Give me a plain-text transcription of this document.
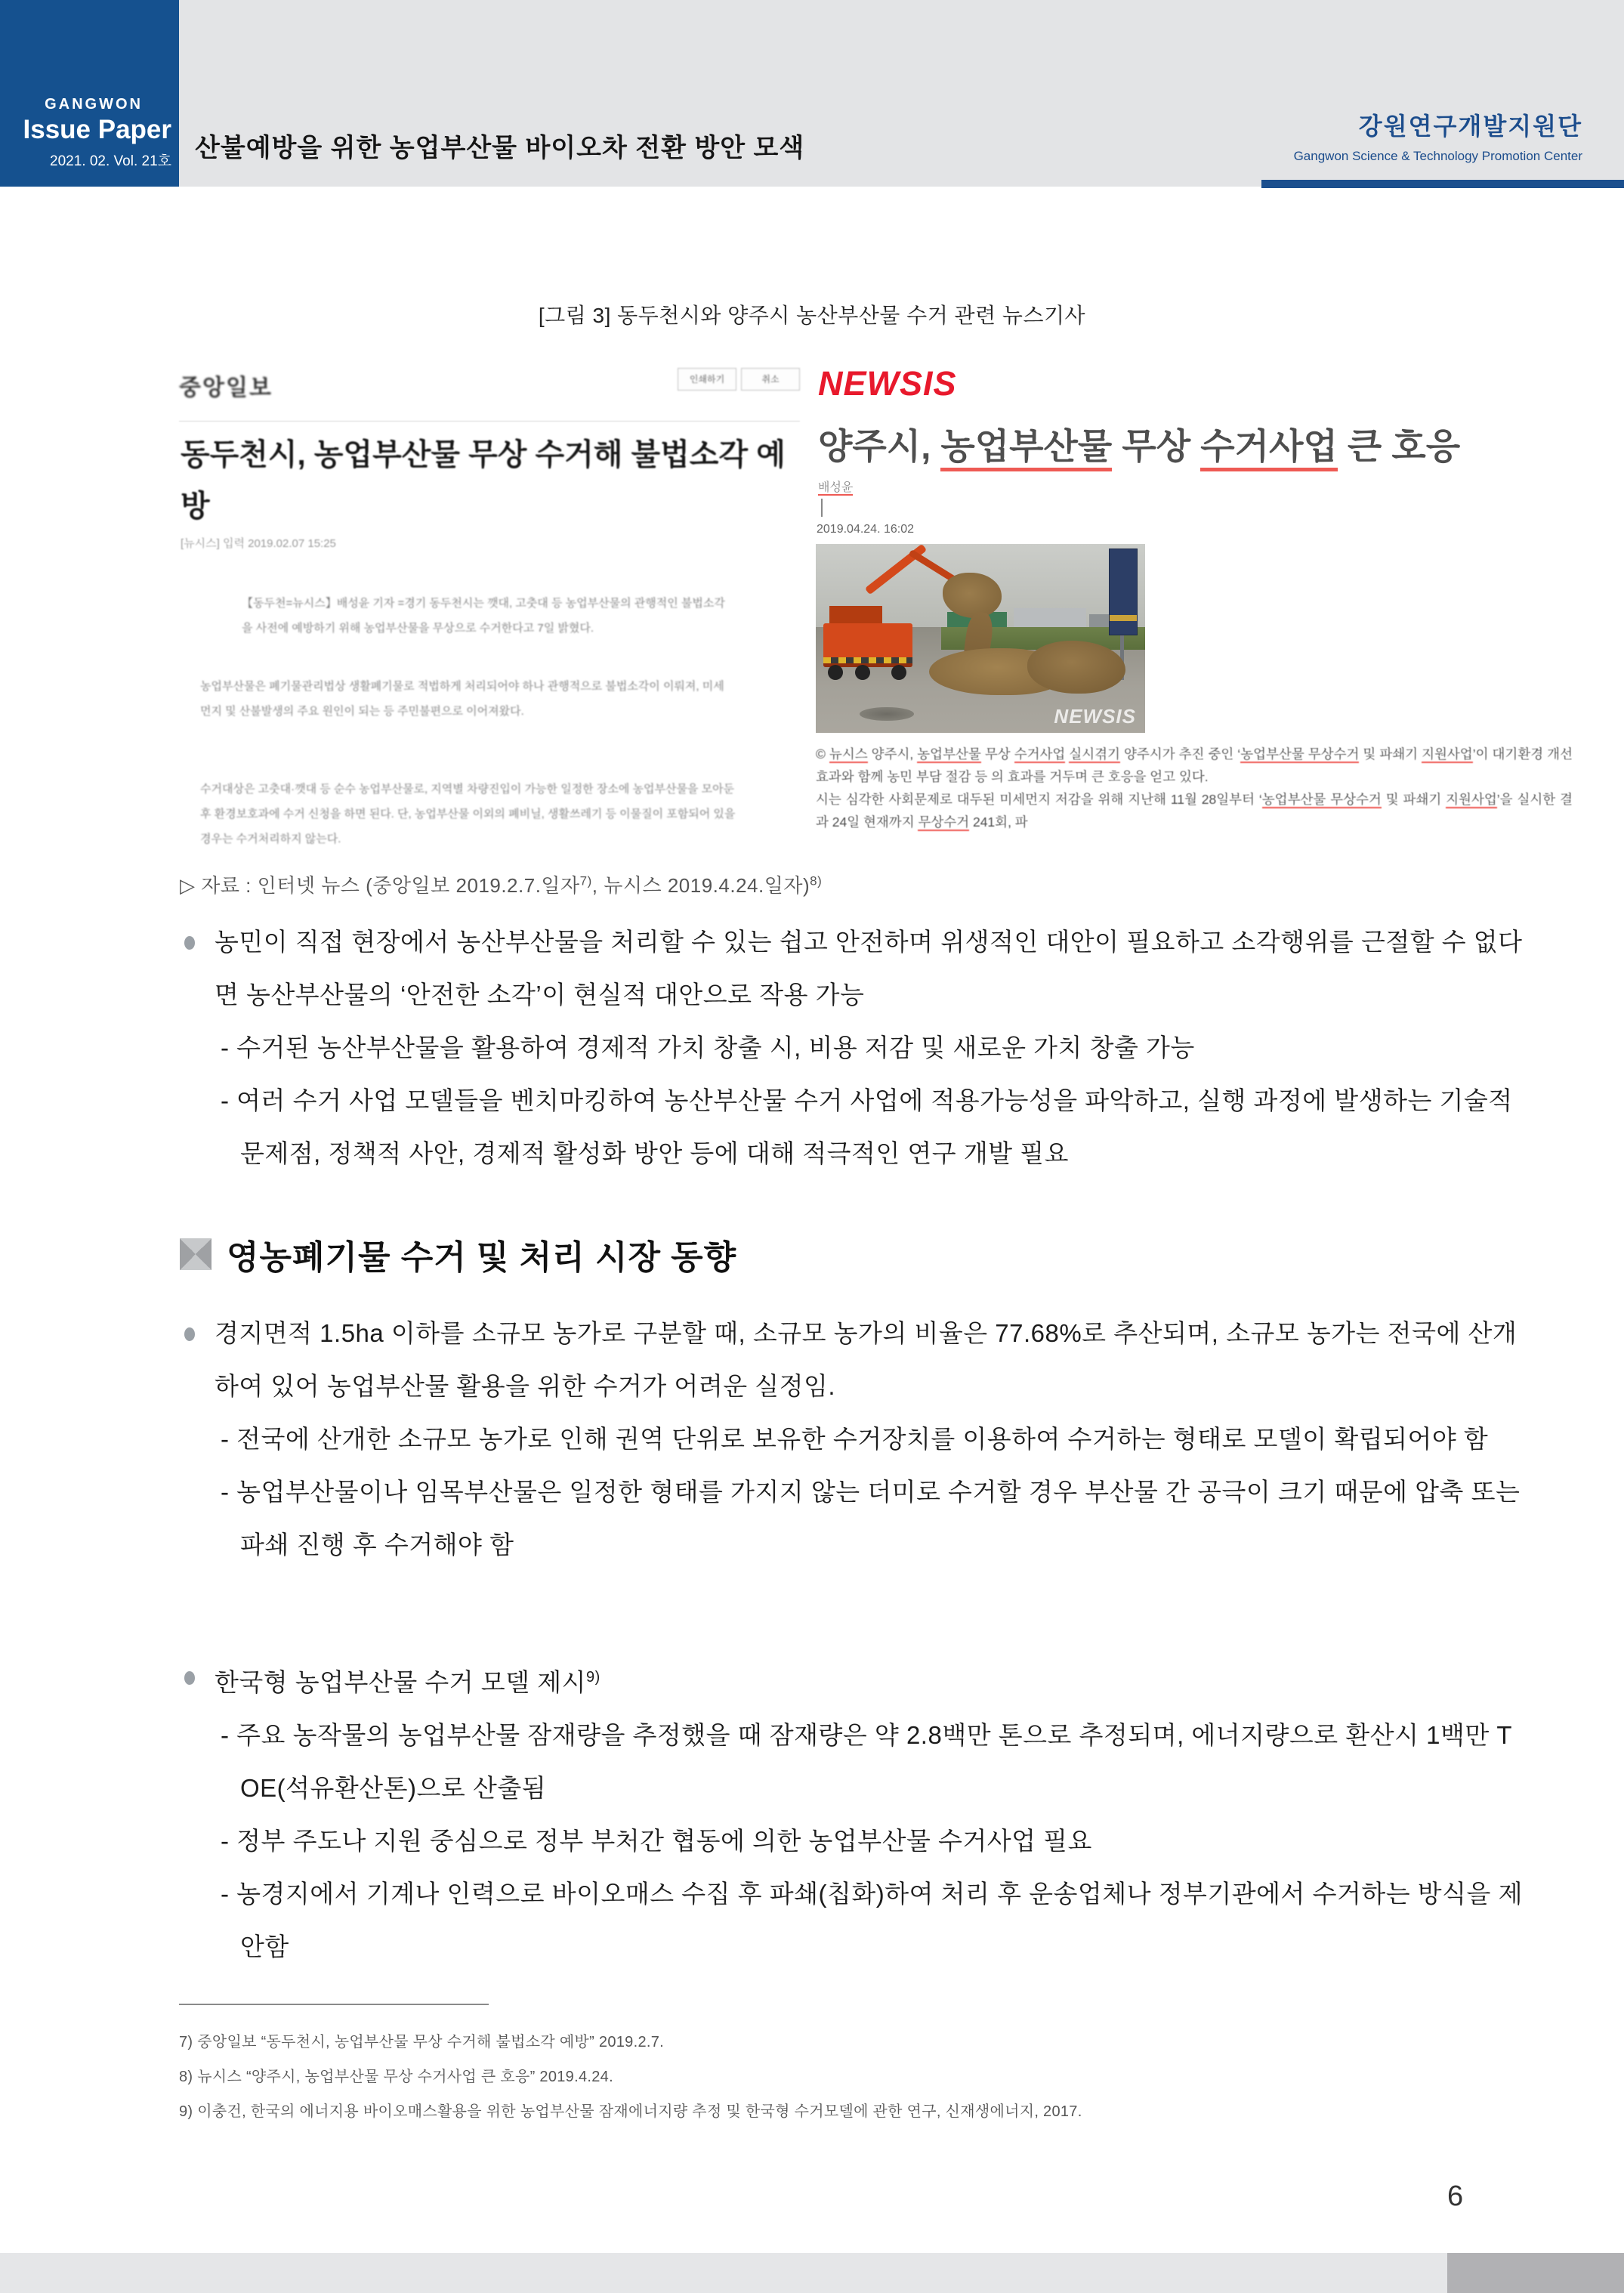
GANGWON
Issue Paper
2021. 02. Vol. 21호 산불예방을 위한 농업부산물 바이오차 전환 방안 모색
강원연구개발지원단
Gangwon Science & Technology Promotion Center
[그림 3] 동두천시와 양주시 농산부산물 수거 관련 뉴스기사
중앙일보	인쇄하기	취소
동두천시, 농업부산물 무상 수거해 불법소각 예방
[뉴시스] 입력 2019.02.07 15:25
【동두천=뉴시스】배성윤 기자 =경기 동두천시는 깻대, 고춧대 등 농업부산물의 관행적인 불법소각을 사전에 예방하기 위해 농업부산물을 무상으로 수거한다고 7일 밝혔다.
농업부산물은 폐기물관리법상 생활폐기물로 적법하게 처리되어야 하나 관행적으로 불법소각이 이뤄져, 미세먼지 및 산불발생의 주요 원인이 되는 등 주민불편으로 이어져왔다.
수거대상은 고춧대·깻대 등 순수 농업부산물로, 지역별 차량진입이 가능한 일정한 장소에 농업부산물을 모아둔 후 환경보호과에 수거 신청을 하면 된다. 단, 농업부산물 이외의 폐비닐, 생활쓰레기 등 이물질이 포함되어 있을 경우는 수거처리하지 않는다.
NEWSIS
양주시, 농업부산물 무상 수거사업 큰 호응
배성윤
2019.04.24. 16:02
NEWSIS
© 뉴시스 양주시, 농업부산물 무상 수거사업 실시겪기 양주시가 추진 중인 ‘농업부산물 무상수거 및 파쇄기 지원사업’이 대기환경 개선 효과와 함께 농민 부담 절감 등 의 효과를 거두며 큰 호응을 얻고 있다.
시는 심각한 사회문제로 대두된 미세먼지 저감을 위해 지난해 11월 28일부터 ‘농업부산물 무상수거 및 파쇄기 지원사업’을 실시한 결과 24일 현재까지 무상수거 241회, 파
▷ 자료 : 인터넷 뉴스 (중앙일보 2019.2.7.일자$^{7)}$, 뉴시스 2019.4.24.일자)$^{8)}$
농민이 직접 현장에서 농산부산물을 처리할 수 있는 쉽고 안전하며 위생적인 대안이 필요하고 소각행위를 근절할 수 없다면 농산부산물의 ‘안전한 소각’이 현실적 대안으로 작용 가능
- 수거된 농산부산물을 활용하여 경제적 가치 창출 시, 비용 저감 및 새로운 가치 창출 가능
- 여러 수거 사업 모델들을 벤치마킹하여 농산부산물 수거 사업에 적용가능성을 파악하고, 실행 과정에 발생하는 기술적 문제점, 정책적 사안, 경제적 활성화 방안 등에 대해 적극적인 연구 개발 필요
영농폐기물 수거 및 처리 시장 동향
경지면적 1.5ha 이하를 소규모 농가로 구분할 때, 소규모 농가의 비율은 77.68%로 추산되며, 소규모 농가는 전국에 산개하여 있어 농업부산물 활용을 위한 수거가 어려운 실정임.
- 전국에 산개한 소규모 농가로 인해 권역 단위로 보유한 수거장치를 이용하여 수거하는 형태로 모델이 확립되어야 함
- 농업부산물이나 임목부산물은 일정한 형태를 가지지 않는 더미로 수거할 경우 부산물 간 공극이 크기 때문에 압축 또는 파쇄 진행 후 수거해야 함
한국형 농업부산물 수거 모델 제시$^{9)}$
- 주요 농작물의 농업부산물 잠재량을 추정했을 때 잠재량은 약 2.8백만 톤으로 추정되며, 에너지량으로 환산시 1백만 TOE(석유환산톤)으로 산출됨
- 정부 주도나 지원 중심으로 정부 부처간 협동에 의한 농업부산물 수거사업 필요
- 농경지에서 기계나 인력으로 바이오매스 수집 후 파쇄(칩화)하여 처리 후 운송업체나 정부기관에서 수거하는 방식을 제안함
7) 중앙일보 “동두천시, 농업부산물 무상 수거해 불법소각 예방” 2019.2.7.
8) 뉴시스 “양주시, 농업부산물 무상 수거사업 큰 호응” 2019.4.24.
9) 이충건, 한국의 에너지용 바이오매스활용을 위한 농업부산물 잠재에너지량 추정 및 한국형 수거모델에 관한 연구, 신재생에너지, 2017.
6
